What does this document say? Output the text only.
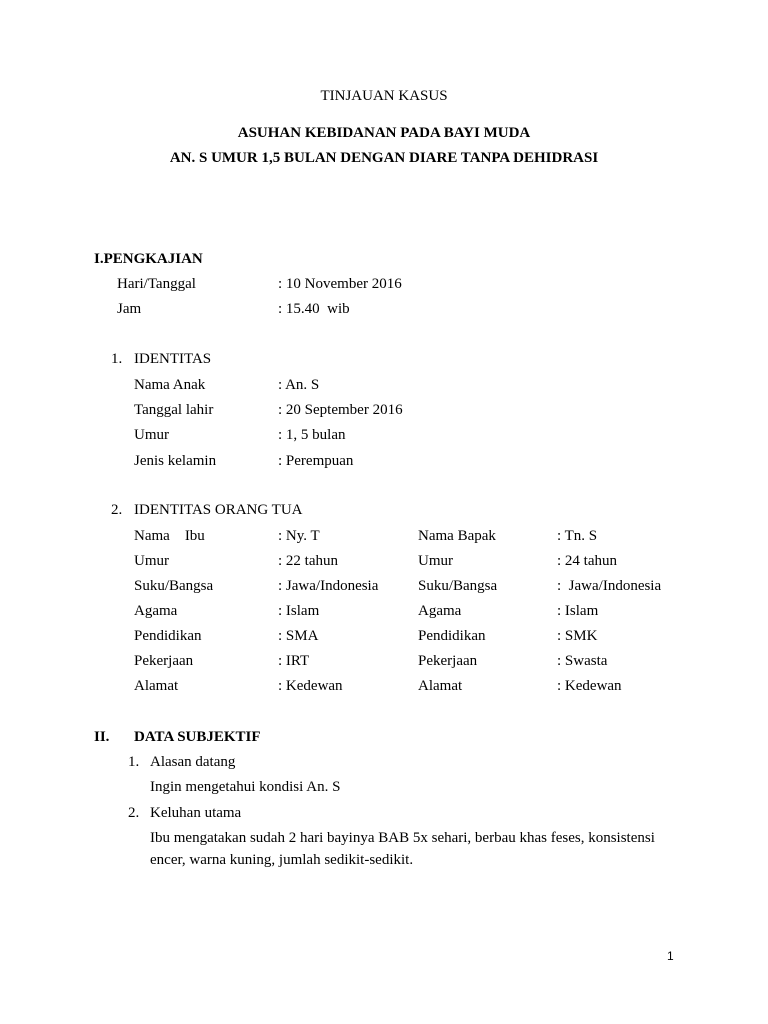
TINJAUAN KASUS
ASUHAN KEBIDANAN PADA BAYI MUDA
AN. S UMUR 1,5 BULAN DENGAN DIARE TANPA DEHIDRASI
I.PENGKAJIAN
Hari/Tanggal	: 10 November 2016
Jam	: 15.40  wib
1. IDENTITAS
Nama Anak	: An. S
Tanggal lahir	: 20 September 2016
Umur	: 1, 5 bulan
Jenis kelamin	: Perempuan
2. IDENTITAS ORANG TUA
Nama    Ibu	: Ny. T	Nama Bapak	: Tn. S
Umur	: 22 tahun	Umur	: 24 tahun
Suku/Bangsa	: Jawa/Indonesia	Suku/Bangsa	:  Jawa/Indonesia
Agama	: Islam	Agama	: Islam
Pendidikan	: SMA	Pendidikan	: SMK
Pekerjaan	: IRT	Pekerjaan	: Swasta
Alamat	: Kedewan	Alamat	: Kedewan
II. DATA SUBJEKTIF
1. Alasan datang
Ingin mengetahui kondisi An. S
2. Keluhan utama
Ibu mengatakan sudah 2 hari bayinya BAB 5x sehari, berbau khas feses, konsistensi
encer, warna kuning, jumlah sedikit-sedikit.
1
